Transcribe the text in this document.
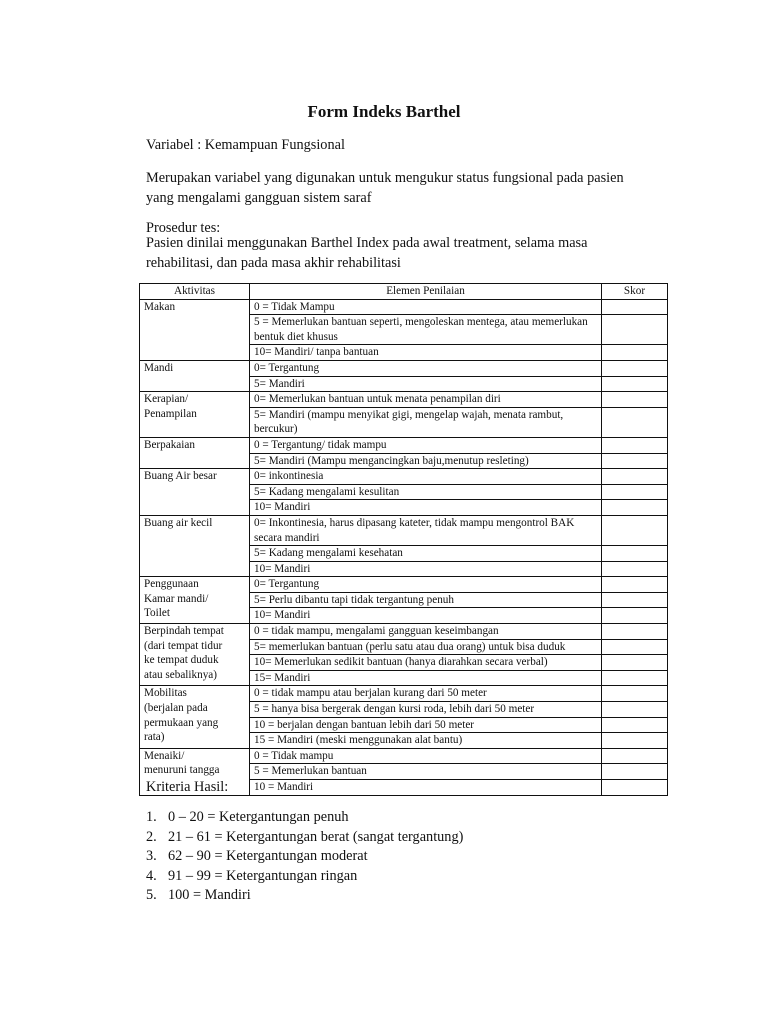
Form Indeks Barthel
Variabel : Kemampuan Fungsional
Merupakan variabel yang digunakan untuk mengukur status fungsional pada pasien yang mengalami gangguan sistem saraf
Prosedur tes:
Pasien dinilai menggunakan Barthel Index pada awal treatment, selama masa rehabilitasi, dan pada masa akhir rehabilitasi
Aktivitas	Elemen Penilaian	Skor
Makan	0 = Tidak Mampu	
	5 = Memerlukan bantuan seperti, mengoleskan mentega, atau memerlukan bentuk diet khusus	
	10= Mandiri/ tanpa bantuan	
Mandi	0= Tergantung	
	5= Mandiri	
Kerapian/
Penampilan	0= Memerlukan bantuan untuk menata penampilan diri	
	5= Mandiri (mampu menyikat gigi, mengelap wajah, menata rambut, bercukur)	
Berpakaian	0 = Tergantung/ tidak mampu	
	5= Mandiri (Mampu mengancingkan baju,menutup resleting)	
Buang Air besar	0= inkontinesia	
	5= Kadang mengalami kesulitan	
	10= Mandiri	
Buang air kecil	0= Inkontinesia, harus dipasang kateter, tidak mampu mengontrol BAK secara mandiri	
	5= Kadang mengalami kesehatan	
	10= Mandiri	
Penggunaan
Kamar mandi/
Toilet	0= Tergantung	
	5= Perlu dibantu tapi tidak tergantung penuh	
	10= Mandiri	
Berpindah tempat
(dari tempat tidur
ke tempat duduk
atau sebaliknya)	0 = tidak mampu, mengalami gangguan keseimbangan	
	5= memerlukan bantuan (perlu satu atau dua orang) untuk bisa duduk	
	10= Memerlukan sedikit bantuan (hanya diarahkan secara verbal)	
	15= Mandiri	
Mobilitas
(berjalan pada
permukaan yang
rata)	0 = tidak mampu atau berjalan kurang dari 50 meter	
	5 = hanya bisa bergerak dengan kursi roda, lebih dari 50 meter	
	10 = berjalan dengan bantuan lebih dari 50 meter	
	15 = Mandiri (meski menggunakan alat bantu)	
Menaiki/
menuruni tangga	0 = Tidak mampu	
	5 = Memerlukan bantuan	
	10 = Mandiri	
Kriteria Hasil:
1. 0 – 20 = Ketergantungan penuh
2. 21 – 61 = Ketergantungan berat (sangat tergantung)
3. 62 – 90 = Ketergantungan moderat
4. 91 – 99 = Ketergantungan ringan
5. 100 = Mandiri
